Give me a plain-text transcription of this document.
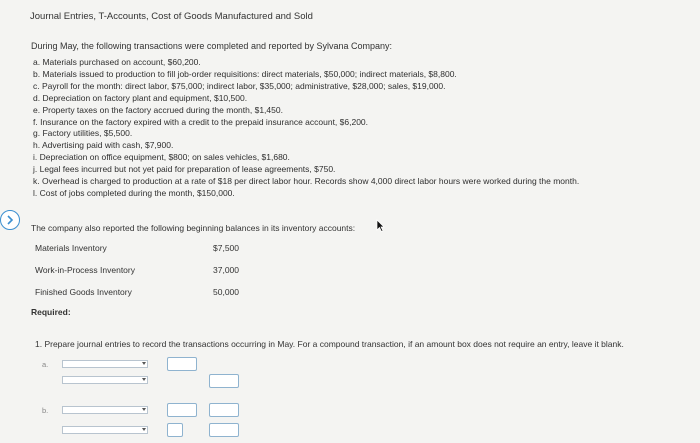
Journal Entries, T-Accounts, Cost of Goods Manufactured and Sold
During May, the following transactions were completed and reported by Sylvana Company:
a. Materials purchased on account, $60,200.
b. Materials issued to production to fill job-order requisitions: direct materials, $50,000; indirect materials, $8,800.
c. Payroll for the month: direct labor, $75,000; indirect labor, $35,000; administrative, $28,000; sales, $19,000.
d. Depreciation on factory plant and equipment, $10,500.
e. Property taxes on the factory accrued during the month, $1,450.
f. Insurance on the factory expired with a credit to the prepaid insurance account, $6,200.
g. Factory utilities, $5,500.
h. Advertising paid with cash, $7,900.
i. Depreciation on office equipment, $800; on sales vehicles, $1,680.
j. Legal fees incurred but not yet paid for preparation of lease agreements, $750.
k. Overhead is charged to production at a rate of $18 per direct labor hour. Records show 4,000 direct labor hours were worked during the month.
l. Cost of jobs completed during the month, $150,000.
The company also reported the following beginning balances in its inventory accounts:
Materials Inventory	$7,500
Work-in-Process Inventory	37,000
Finished Goods Inventory	50,000
Required:
1. Prepare journal entries to record the transactions occurring in May. For a compound transaction, if an amount box does not require an entry, leave it blank.
a.
b.
